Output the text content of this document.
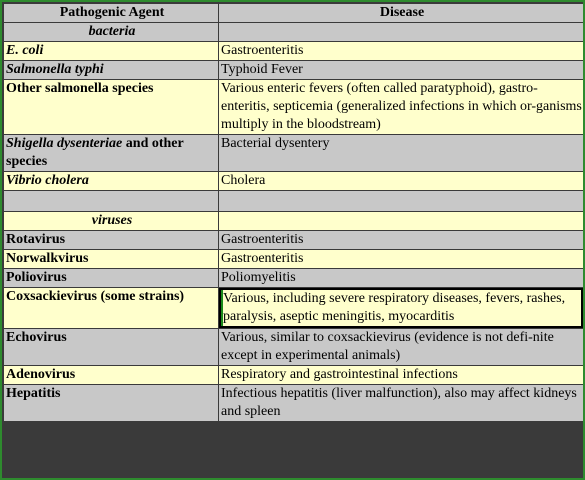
Pathogenic Agent	Disease
bacteria	
E. coli	Gastroenteritis
Salmonella typhi	Typhoid Fever
Other salmonella species	Various enteric fevers (often called paratyphoid), gastro-enteritis, septicemia (generalized infections in which or-ganisms multiply in the bloodstream)
Shigella dysenteriae and other species	Bacterial dysentery
Vibrio cholera	Cholera

viruses	
Rotavirus	Gastroenteritis
Norwalkvirus	Gastroenteritis
Poliovirus	Poliomyelitis
Coxsackievirus (some strains)	Various, including severe respiratory diseases, fevers, rashes, paralysis, aseptic meningitis, myocarditis
Echovirus	Various, similar to coxsackievirus (evidence is not defi-nite except in experimental animals)
Adenovirus	Respiratory and gastrointestinal infections
Hepatitis	Infectious hepatitis (liver malfunction), also may affect kidneys and spleen
